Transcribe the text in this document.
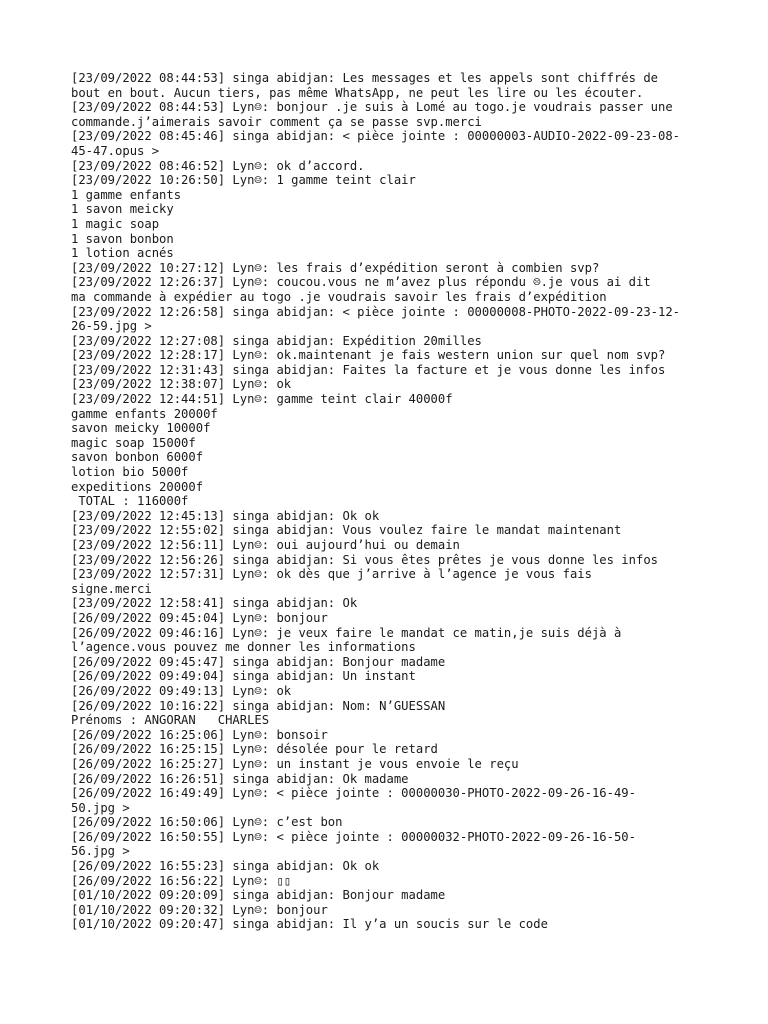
[23/09/2022 08:44:53] singa abidjan: Les messages et les appels sont chiffrés de
bout en bout. Aucun tiers, pas même WhatsApp, ne peut les lire ou les écouter.
[23/09/2022 08:44:53] Lyn☺: bonjour .je suis à Lomé au togo.je voudrais passer une
commande.j’aimerais savoir comment ça se passe svp.merci
[23/09/2022 08:45:46] singa abidjan: < pièce jointe : 00000003-AUDIO-2022-09-23-08-
45-47.opus >
[23/09/2022 08:46:52] Lyn☺: ok d’accord.
[23/09/2022 10:26:50] Lyn☺: 1 gamme teint clair
1 gamme enfants
1 savon meicky
1 magic soap
1 savon bonbon
1 lotion acnés
[23/09/2022 10:27:12] Lyn☺: les frais d’expédition seront à combien svp?
[23/09/2022 12:26:37] Lyn☺: coucou.vous ne m’avez plus répondu ☹.je vous ai dit
ma commande à expédier au togo .je voudrais savoir les frais d’expédition
[23/09/2022 12:26:58] singa abidjan: < pièce jointe : 00000008-PHOTO-2022-09-23-12-
26-59.jpg >
[23/09/2022 12:27:08] singa abidjan: Expédition 20milles
[23/09/2022 12:28:17] Lyn☺: ok.maintenant je fais western union sur quel nom svp?
[23/09/2022 12:31:43] singa abidjan: Faites la facture et je vous donne les infos
[23/09/2022 12:38:07] Lyn☺: ok
[23/09/2022 12:44:51] Lyn☺: gamme teint clair 40000f
gamme enfants 20000f
savon meicky 10000f
magic soap 15000f
savon bonbon 6000f
lotion bio 5000f
expeditions 20000f
TOTAL : 116000f
[23/09/2022 12:45:13] singa abidjan: Ok ok
[23/09/2022 12:55:02] singa abidjan: Vous voulez faire le mandat maintenant
[23/09/2022 12:56:11] Lyn☺: oui aujourd’hui ou demain
[23/09/2022 12:56:26] singa abidjan: Si vous êtes prêtes je vous donne les infos
[23/09/2022 12:57:31] Lyn☺: ok dès que j’arrive à l’agence je vous fais
signe.merci
[23/09/2022 12:58:41] singa abidjan: Ok
[26/09/2022 09:45:04] Lyn☺: bonjour
[26/09/2022 09:46:16] Lyn☺: je veux faire le mandat ce matin,je suis déjà à
l’agence.vous pouvez me donner les informations
[26/09/2022 09:45:47] singa abidjan: Bonjour madame
[26/09/2022 09:49:04] singa abidjan: Un instant
[26/09/2022 09:49:13] Lyn☺: ok
[26/09/2022 10:16:22] singa abidjan: Nom: N’GUESSAN
Prénoms : ANGORAN   CHARLES
[26/09/2022 16:25:06] Lyn☺: bonsoir
[26/09/2022 16:25:15] Lyn☺: désolée pour le retard
[26/09/2022 16:25:27] Lyn☺: un instant je vous envoie le reçu
[26/09/2022 16:26:51] singa abidjan: Ok madame
[26/09/2022 16:49:49] Lyn☺: < pièce jointe : 00000030-PHOTO-2022-09-26-16-49-
50.jpg >
[26/09/2022 16:50:06] Lyn☺: c’est bon
[26/09/2022 16:50:55] Lyn☺: < pièce jointe : 00000032-PHOTO-2022-09-26-16-50-
56.jpg >
[26/09/2022 16:55:23] singa abidjan: Ok ok
[26/09/2022 16:56:22] Lyn☺: ▯▯
[01/10/2022 09:20:09] singa abidjan: Bonjour madame
[01/10/2022 09:20:32] Lyn☺: bonjour
[01/10/2022 09:20:47] singa abidjan: Il y’a un soucis sur le code
